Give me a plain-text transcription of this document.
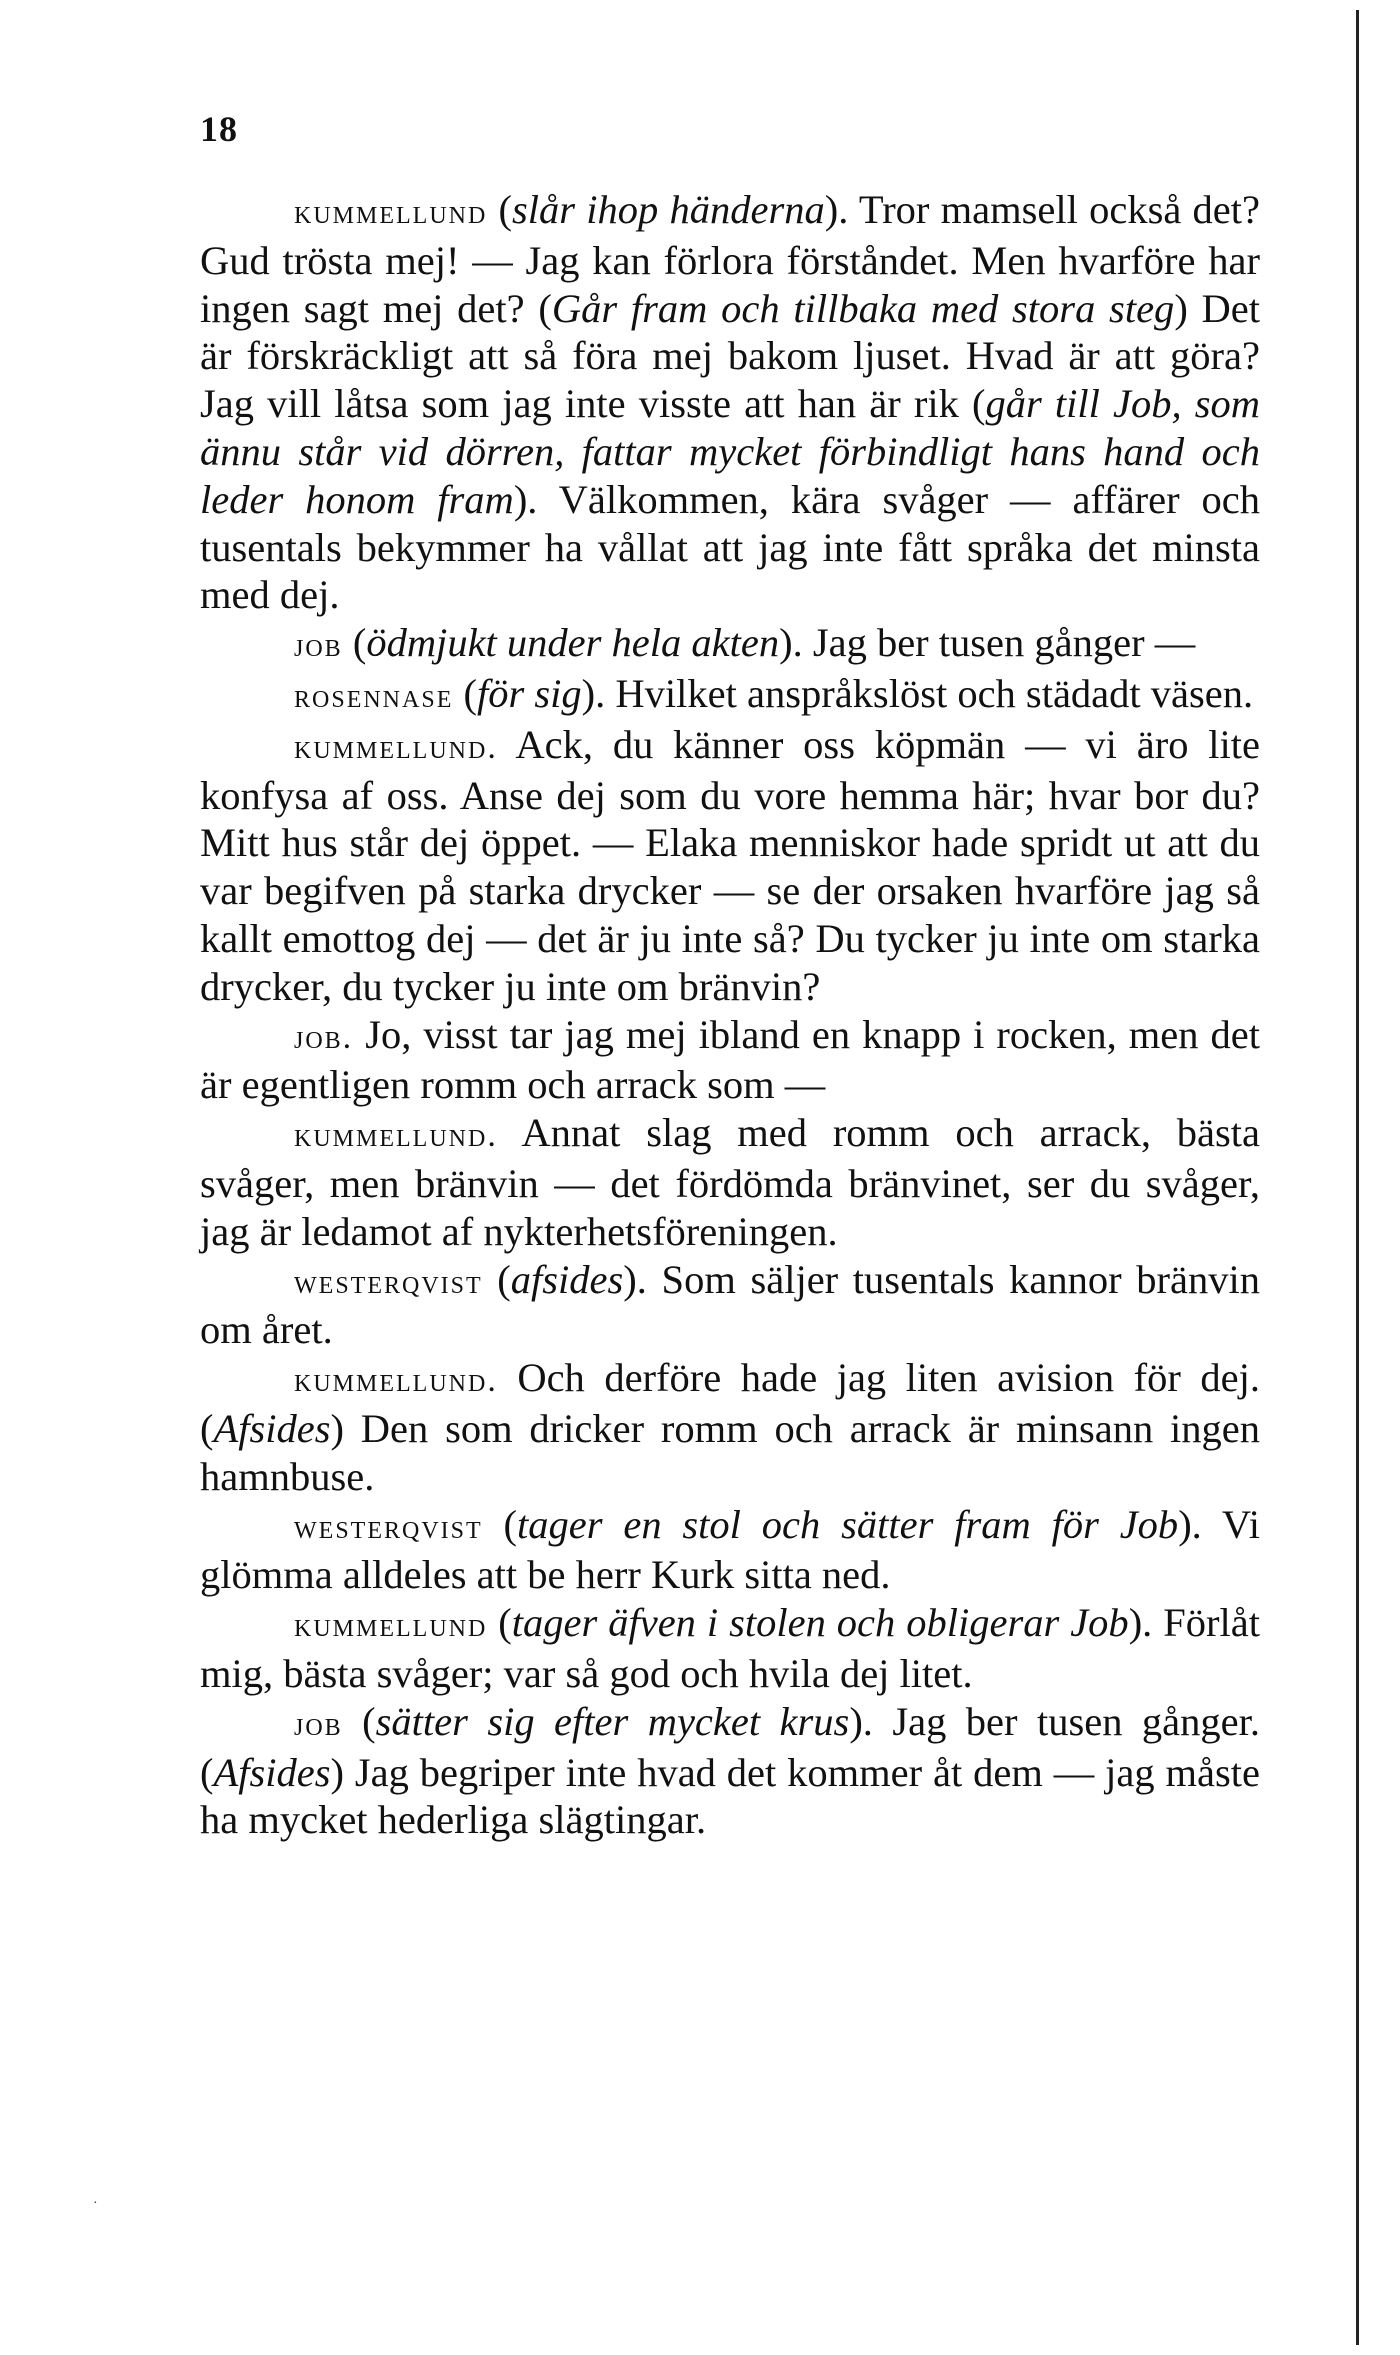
18

kummellund (slår ihop händerna). Tror mamsell också det? Gud trösta mej! — Jag kan förlora förståndet. Men hvarföre har ingen sagt mej det? (Går fram och tillbaka med stora steg) Det är förskräckligt att så föra mej bakom ljuset. Hvad är att göra? Jag vill låtsa som jag inte visste att han är rik (går till Job, som ännu står vid dörren, fattar mycket förbindligt hans hand och leder honom fram). Välkommen, kära svåger — affärer och tusentals bekymmer ha vållat att jag inte fått språka det minsta med dej.

job (ödmjukt under hela akten). Jag ber tusen gånger —

rosennase (för sig). Hvilket anspråkslöst och städadt väsen.

kummellund. Ack, du känner oss köpmän — vi äro lite konfysa af oss. Anse dej som du vore hemma här; hvar bor du? Mitt hus står dej öppet. — Elaka menniskor hade spridt ut att du var begifven på starka drycker — se der orsaken hvarföre jag så kallt emottog dej — det är ju inte så? Du tycker ju inte om starka drycker, du tycker ju inte om bränvin?

job. Jo, visst tar jag mej ibland en knapp i rocken, men det är egentligen romm och arrack som —

kummellund. Annat slag med romm och arrack, bästa svåger, men bränvin — det fördömda bränvinet, ser du svåger, jag är ledamot af nykterhetsföreningen.

westerqvist (afsides). Som säljer tusentals kannor bränvin om året.

kummellund. Och derföre hade jag liten avision för dej. (Afsides) Den som dricker romm och arrack är minsann ingen hamnbuse.

westerqvist (tager en stol och sätter fram för Job). Vi glömma alldeles att be herr Kurk sitta ned.

kummellund (tager äfven i stolen och obligerar Job). Förlåt mig, bästa svåger; var så god och hvila dej litet.

job (sätter sig efter mycket krus). Jag ber tusen gånger. (Afsides) Jag begriper inte hvad det kommer åt dem — jag måste ha mycket hederliga slägtingar.

·
